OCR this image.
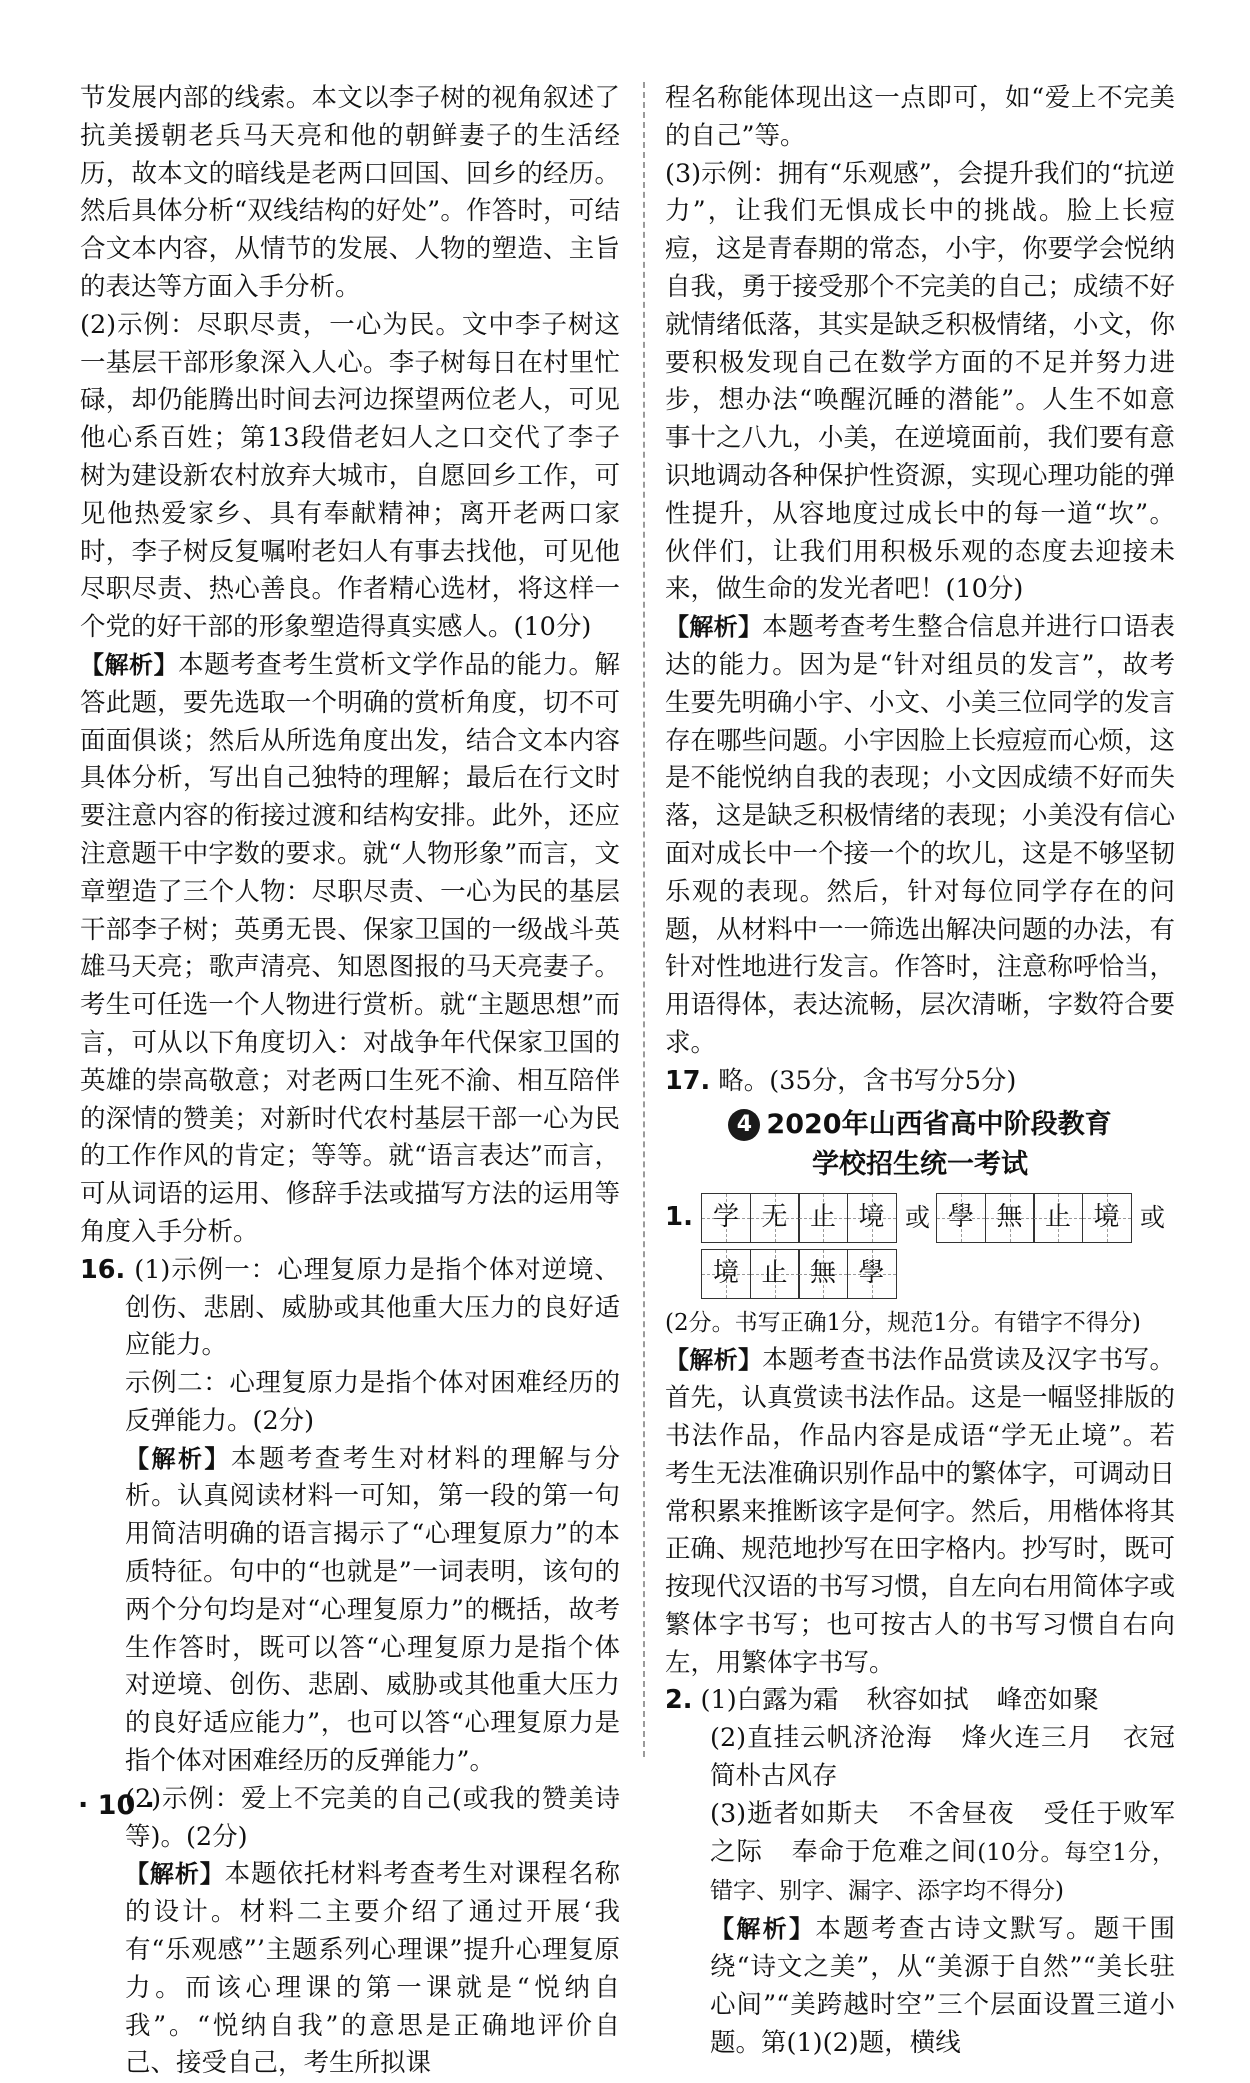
节发展内部的线索。本文以李子树的视角叙述了抗美援朝老兵马天亮和他的朝鲜妻子的生活经历，故本文的暗线是老两口回国、回乡的经历。然后具体分析“双线结构的好处”。作答时，可结合文本内容，从情节的发展、人物的塑造、主旨的表达等方面入手分析。

(2)示例：尽职尽责，一心为民。文中李子树这一基层干部形象深入人心。李子树每日在村里忙碌，却仍能腾出时间去河边探望两位老人，可见他心系百姓；第13段借老妇人之口交代了李子树为建设新农村放弃大城市，自愿回乡工作，可见他热爱家乡、具有奉献精神；离开老两口家时，李子树反复嘱咐老妇人有事去找他，可见他尽职尽责、热心善良。作者精心选材，将这样一个党的好干部的形象塑造得真实感人。(10分)

【解析】本题考查考生赏析文学作品的能力。解答此题，要先选取一个明确的赏析角度，切不可面面俱谈；然后从所选角度出发，结合文本内容具体分析，写出自己独特的理解；最后在行文时要注意内容的衔接过渡和结构安排。此外，还应注意题干中字数的要求。就“人物形象”而言，文章塑造了三个人物：尽职尽责、一心为民的基层干部李子树；英勇无畏、保家卫国的一级战斗英雄马天亮；歌声清亮、知恩图报的马天亮妻子。考生可任选一个人物进行赏析。就“主题思想”而言，可从以下角度切入：对战争年代保家卫国的英雄的崇高敬意；对老两口生死不渝、相互陪伴的深情的赞美；对新时代农村基层干部一心为民的工作作风的肯定；等等。就“语言表达”而言，可从词语的运用、修辞手法或描写方法的运用等角度入手分析。

16. (1)示例一：心理复原力是指个体对逆境、创伤、悲剧、威胁或其他重大压力的良好适应能力。

示例二：心理复原力是指个体对困难经历的反弹能力。(2分)

【解析】本题考查考生对材料的理解与分析。认真阅读材料一可知，第一段的第一句用简洁明确的语言揭示了“心理复原力”的本质特征。句中的“也就是”一词表明，该句的两个分句均是对“心理复原力”的概括，故考生作答时，既可以答“心理复原力是指个体对逆境、创伤、悲剧、威胁或其他重大压力的良好适应能力”，也可以答“心理复原力是指个体对困难经历的反弹能力”。

(2)示例：爱上不完美的自己(或我的赞美诗等)。(2分)

【解析】本题依托材料考查考生对课程名称的设计。材料二主要介绍了通过开展‘我有“乐观感”’主题系列心理课”提升心理复原力。而该心理课的第一课就是“悦纳自我”。“悦纳自我”的意思是正确地评价自己、接受自己，考生所拟课

程名称能体现出这一点即可，如“爱上不完美的自己”等。

(3)示例：拥有“乐观感”，会提升我们的“抗逆力”，让我们无惧成长中的挑战。脸上长痘痘，这是青春期的常态，小宇，你要学会悦纳自我，勇于接受那个不完美的自己；成绩不好就情绪低落，其实是缺乏积极情绪，小文，你要积极发现自己在数学方面的不足并努力进步，想办法“唤醒沉睡的潜能”。人生不如意事十之八九，小美，在逆境面前，我们要有意识地调动各种保护性资源，实现心理功能的弹性提升，从容地度过成长中的每一道“坎”。伙伴们，让我们用积极乐观的态度去迎接未来，做生命的发光者吧！(10分)

【解析】本题考查考生整合信息并进行口语表达的能力。因为是“针对组员的发言”，故考生要先明确小宇、小文、小美三位同学的发言存在哪些问题。小宇因脸上长痘痘而心烦，这是不能悦纳自我的表现；小文因成绩不好而失落，这是缺乏积极情绪的表现；小美没有信心面对成长中一个接一个的坎儿，这是不够坚韧乐观的表现。然后，针对每位同学存在的问题，从材料中一一筛选出解决问题的办法，有针对性地进行发言。作答时，注意称呼恰当，用语得体，表达流畅，层次清晰，字数符合要求。

17. 略。(35分，含书写分5分)

4 2020年山西省高中阶段教育
学校招生统一考试
1. 学 无 止 境 或 學 無 止 境 或
境 止 無 學

(2分。书写正确1分，规范1分。有错字不得分)

【解析】本题考查书法作品赏读及汉字书写。首先，认真赏读书法作品。这是一幅竖排版的书法作品，作品内容是成语“学无止境”。若考生无法准确识别作品中的繁体字，可调动日常积累来推断该字是何字。然后，用楷体将其正确、规范地抄写在田字格内。抄写时，既可按现代汉语的书写习惯，自左向右用简体字或繁体字书写；也可按古人的书写习惯自右向左，用繁体字书写。

2. (1)白露为霜 秋容如拭 峰峦如聚

(2)直挂云帆济沧海 烽火连三月 衣冠简朴古风存

(3)逝者如斯夫 不舍昼夜 受任于败军之际 奉命于危难之间(10分。每空1分，错字、别字、漏字、添字均不得分)

【解析】本题考查古诗文默写。题干围绕“诗文之美”，从“美源于自然”“美长驻心间”“美跨越时空”三个层面设置三道小题。第(1)(2)题，横线

· 10 ·
